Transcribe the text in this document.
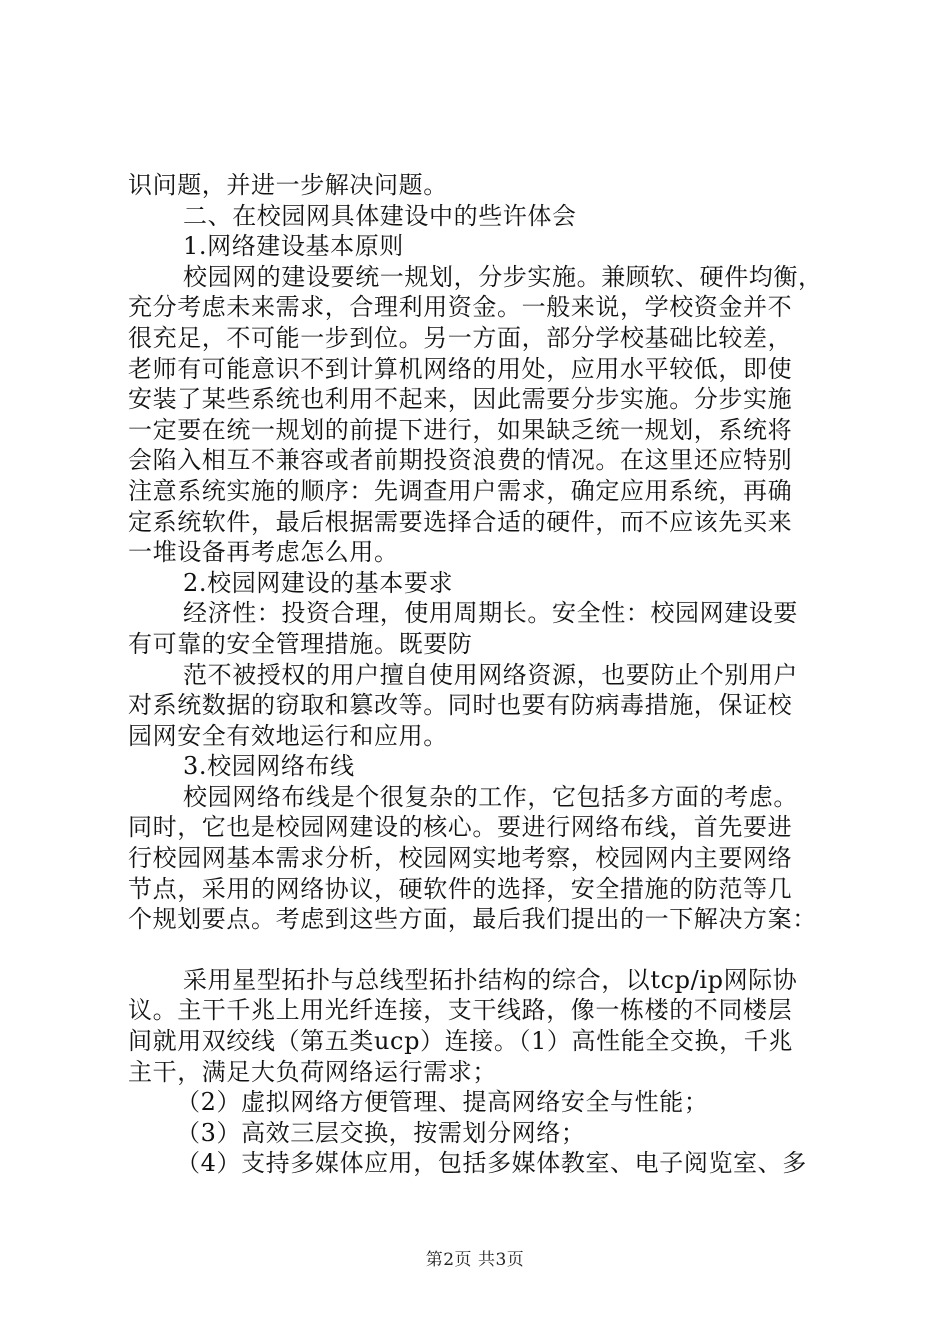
识问题，并进一步解决问题。
二、在校园网具体建设中的些许体会
1.网络建设基本原则
校园网的建设要统一规划，分步实施。兼顾软、硬件均衡，
充分考虑未来需求，合理利用资金。一般来说，学校资金并不
很充足，不可能一步到位。另一方面，部分学校基础比较差，
老师有可能意识不到计算机网络的用处，应用水平较低，即使
安装了某些系统也利用不起来，因此需要分步实施。分步实施
一定要在统一规划的前提下进行，如果缺乏统一规划，系统将
会陷入相互不兼容或者前期投资浪费的情况。在这里还应特别
注意系统实施的顺序：先调查用户需求，确定应用系统，再确
定系统软件，最后根据需要选择合适的硬件，而不应该先买来
一堆设备再考虑怎么用。
2.校园网建设的基本要求
经济性：投资合理，使用周期长。安全性：校园网建设要
有可靠的安全管理措施。既要防
范不被授权的用户擅自使用网络资源，也要防止个别用户
对系统数据的窃取和篡改等。同时也要有防病毒措施，保证校
园网安全有效地运行和应用。
3.校园网络布线
校园网络布线是个很复杂的工作，它包括多方面的考虑。
同时，它也是校园网建设的核心。要进行网络布线，首先要进
行校园网基本需求分析，校园网实地考察，校园网内主要网络
节点，采用的网络协议，硬软件的选择，安全措施的防范等几
个规划要点。考虑到这些方面，最后我们提出的一下解决方案：
采用星型拓扑与总线型拓扑结构的综合，以tcp/ip网际协
议。主干千兆上用光纤连接，支干线路，像一栋楼的不同楼层
间就用双绞线（第五类ucp）连接。（1）高性能全交换，千兆
主干，满足大负荷网络运行需求；
（2）虚拟网络方便管理、提高网络安全与性能；
（3）高效三层交换，按需划分网络；
（4）支持多媒体应用，包括多媒体教室、电子阅览室、多
第2页 共3页
